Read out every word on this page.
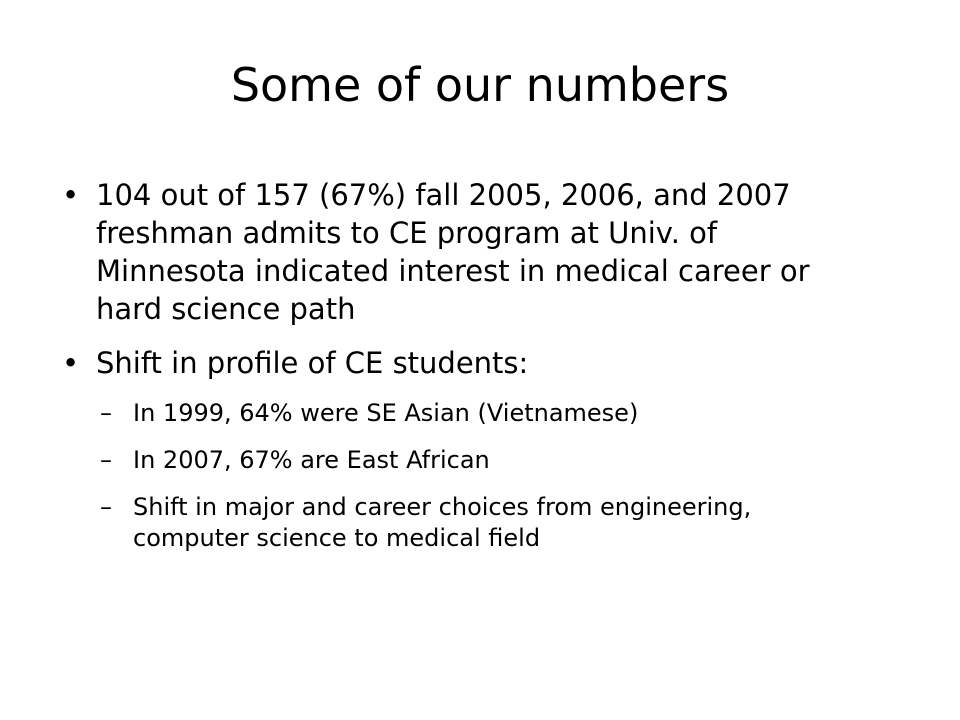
Some of our numbers
• 104 out of 157 (67%) fall 2005, 2006, and 2007 freshman admits to CE program at Univ. of Minnesota indicated interest in medical career or hard science path
• Shift in profile of CE students:
– In 1999, 64% were SE Asian (Vietnamese)
– In 2007, 67% are East African
– Shift in major and career choices from engineering, computer science to medical field
